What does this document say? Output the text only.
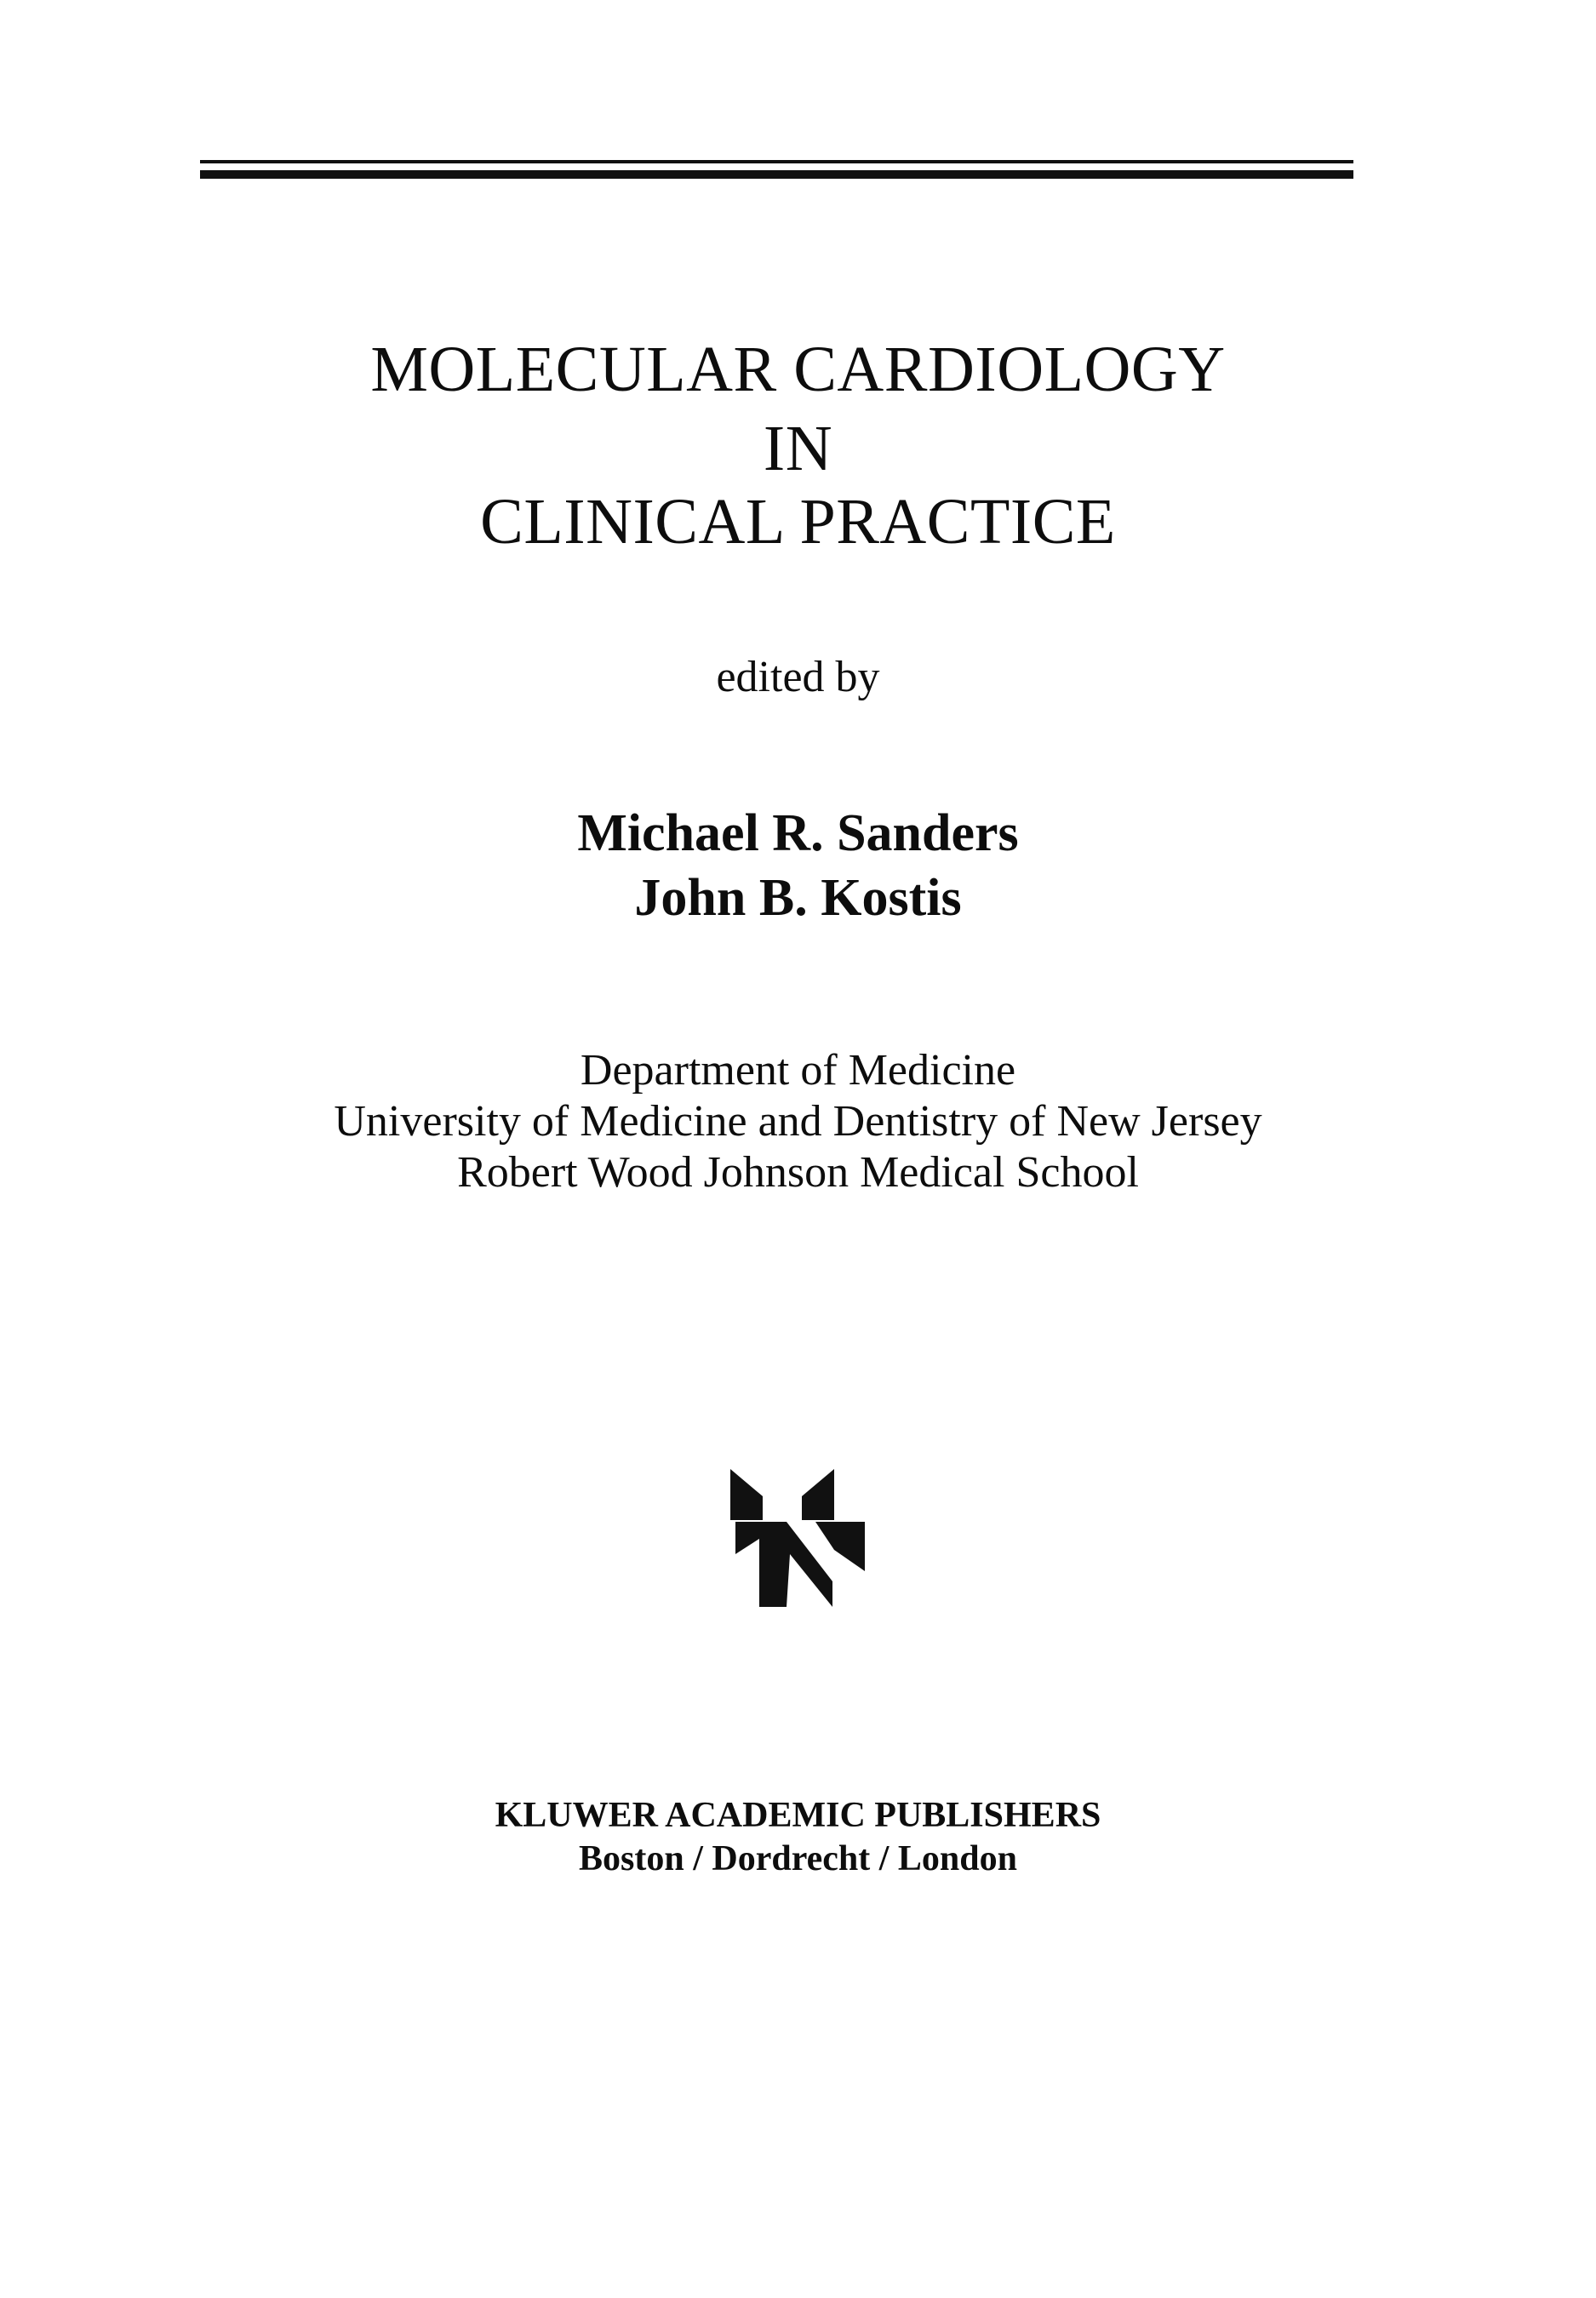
MOLECULAR CARDIOLOGY
IN
CLINICAL PRACTICE
edited by
Michael R. Sanders
John B. Kostis
Department of Medicine
University of Medicine and Dentistry of New Jersey
Robert Wood Johnson Medical School
KLUWER ACADEMIC PUBLISHERS
Boston / Dordrecht / London
